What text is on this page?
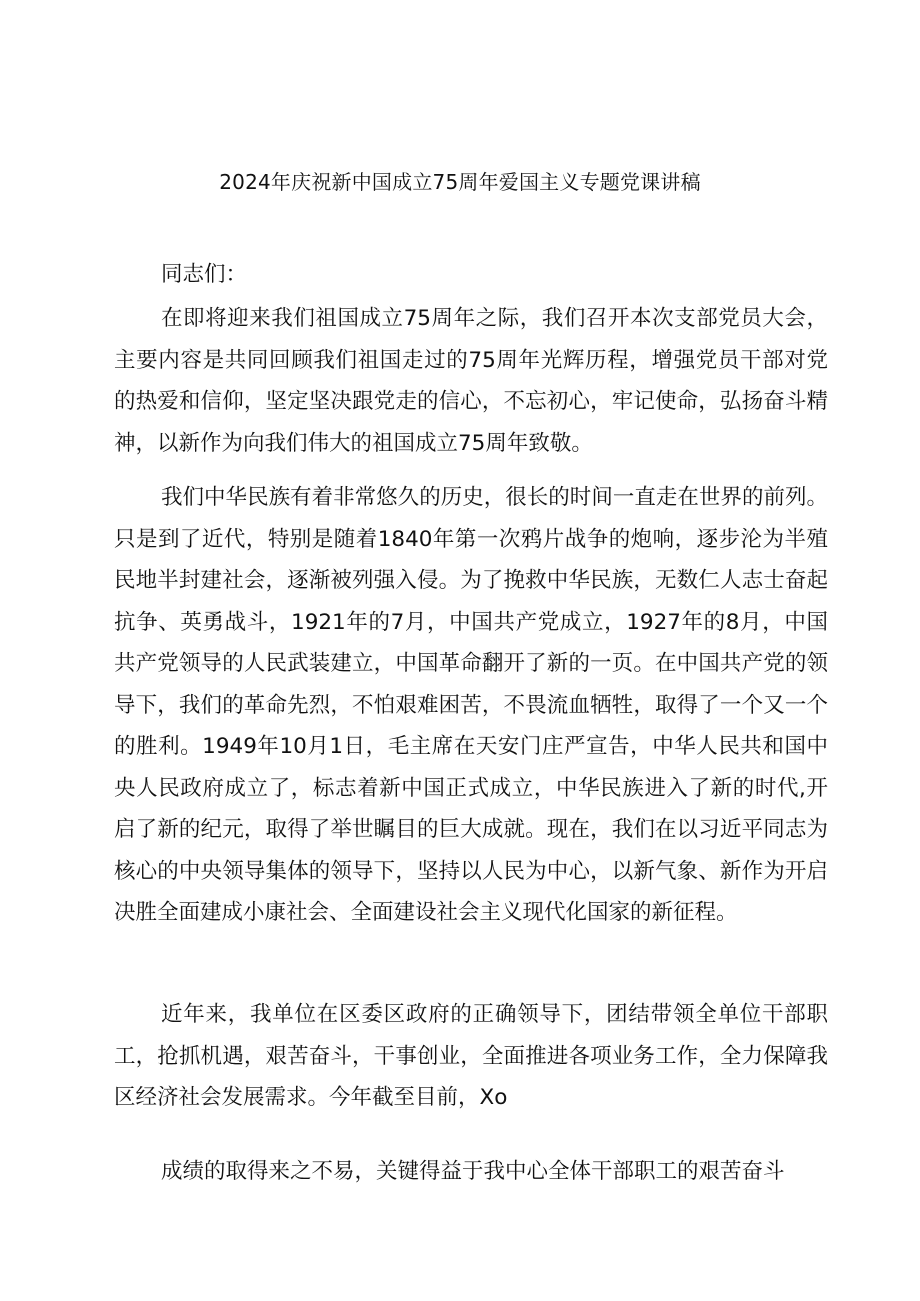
2024年庆祝新中国成立75周年爱国主义专题党课讲稿

同志们：

在即将迎来我们祖国成立75周年之际，我们召开本次支部党员大会，主要内容是共同回顾我们祖国走过的75周年光辉历程，增强党员干部对党的热爱和信仰，坚定坚决跟党走的信心，不忘初心，牢记使命，弘扬奋斗精神，以新作为向我们伟大的祖国成立75周年致敬。

我们中华民族有着非常悠久的历史，很长的时间一直走在世界的前列。只是到了近代，特别是随着1840年第一次鸦片战争的炮响，逐步沦为半殖民地半封建社会，逐渐被列强入侵。为了挽救中华民族，无数仁人志士奋起抗争、英勇战斗，1921年的7月，中国共产党成立，1927年的8月，中国共产党领导的人民武装建立，中国革命翻开了新的一页。在中国共产党的领导下，我们的革命先烈，不怕艰难困苦，不畏流血牺牲，取得了一个又一个的胜利。1949年10月1日，毛主席在天安门庄严宣告，中华人民共和国中央人民政府成立了，标志着新中国正式成立，中华民族进入了新的时代,开启了新的纪元，取得了举世瞩目的巨大成就。现在，我们在以习近平同志为核心的中央领导集体的领导下，坚持以人民为中心，以新气象、新作为开启决胜全面建成小康社会、全面建设社会主义现代化国家的新征程。

近年来，我单位在区委区政府的正确领导下，团结带领全单位干部职工，抢抓机遇，艰苦奋斗，干事创业，全面推进各项业务工作，全力保障我区经济社会发展需求。今年截至目前，Xo

成绩的取得来之不易，关键得益于我中心全体干部职工的艰苦奋斗
